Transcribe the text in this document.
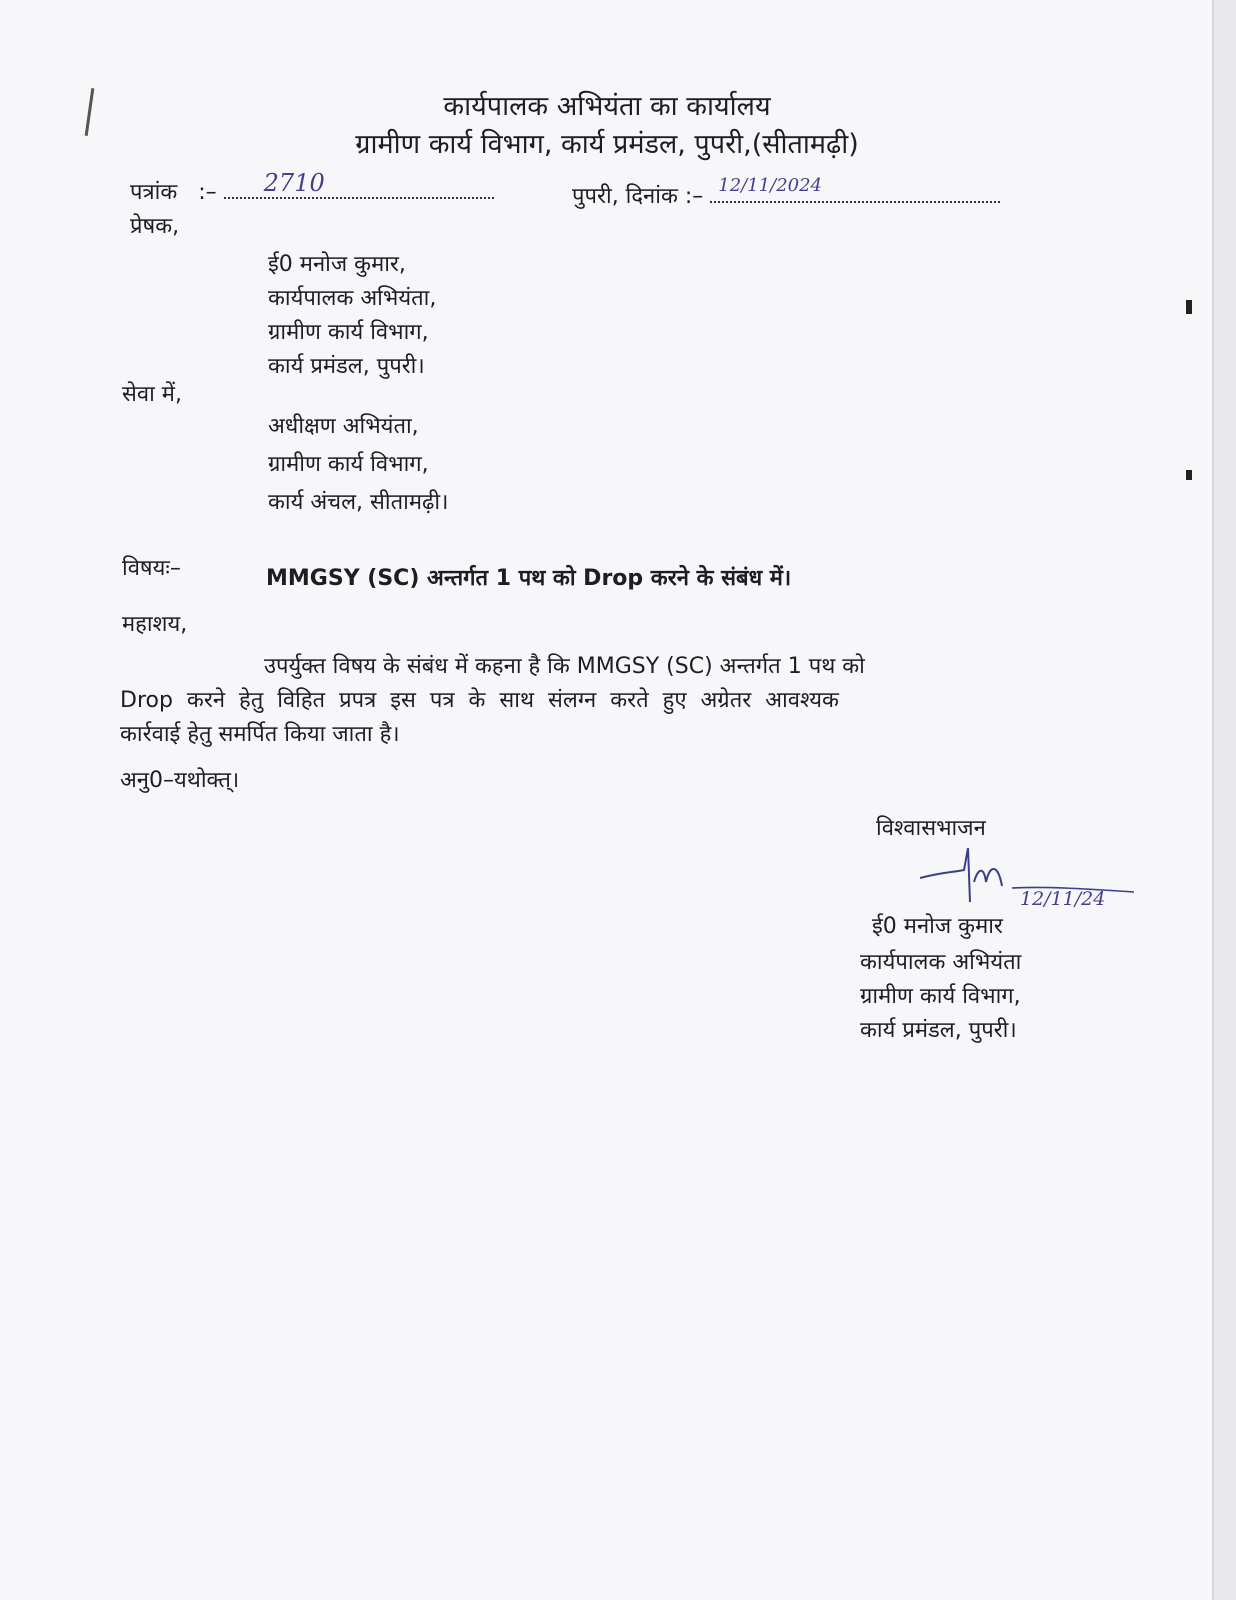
कार्यपालक अभियंता का कार्यालय
ग्रामीण कार्य विभाग, कार्य प्रमंडल, पुपरी,(सीतामढ़ी)
पत्रांक :– 2710	पुपरी, दिनांक :– 12/11/2024
प्रेषक,
ई0 मनोज कुमार,
कार्यपालक अभियंता,
ग्रामीण कार्य विभाग,
कार्य प्रमंडल, पुपरी।
सेवा में,
अधीक्षण अभियंता,
ग्रामीण कार्य विभाग,
कार्य अंचल, सीतामढ़ी।
विषयः–	MMGSY (SC) अन्तर्गत 1 पथ को Drop करने के संबंध में।
महाशय,
उपर्युक्त विषय के संबंध में कहना है कि MMGSY (SC) अन्तर्गत 1 पथ को
Drop करने हेतु विहित प्रपत्र इस पत्र के साथ संलग्न करते हुए अग्रेतर आवश्यक
कार्रवाई हेतु समर्पित किया जाता है।
अनु0–यथोक्त्।
विश्वासभाजन
12/11/24
ई0 मनोज कुमार
कार्यपालक अभियंता
ग्रामीण कार्य विभाग,
कार्य प्रमंडल, पुपरी।
